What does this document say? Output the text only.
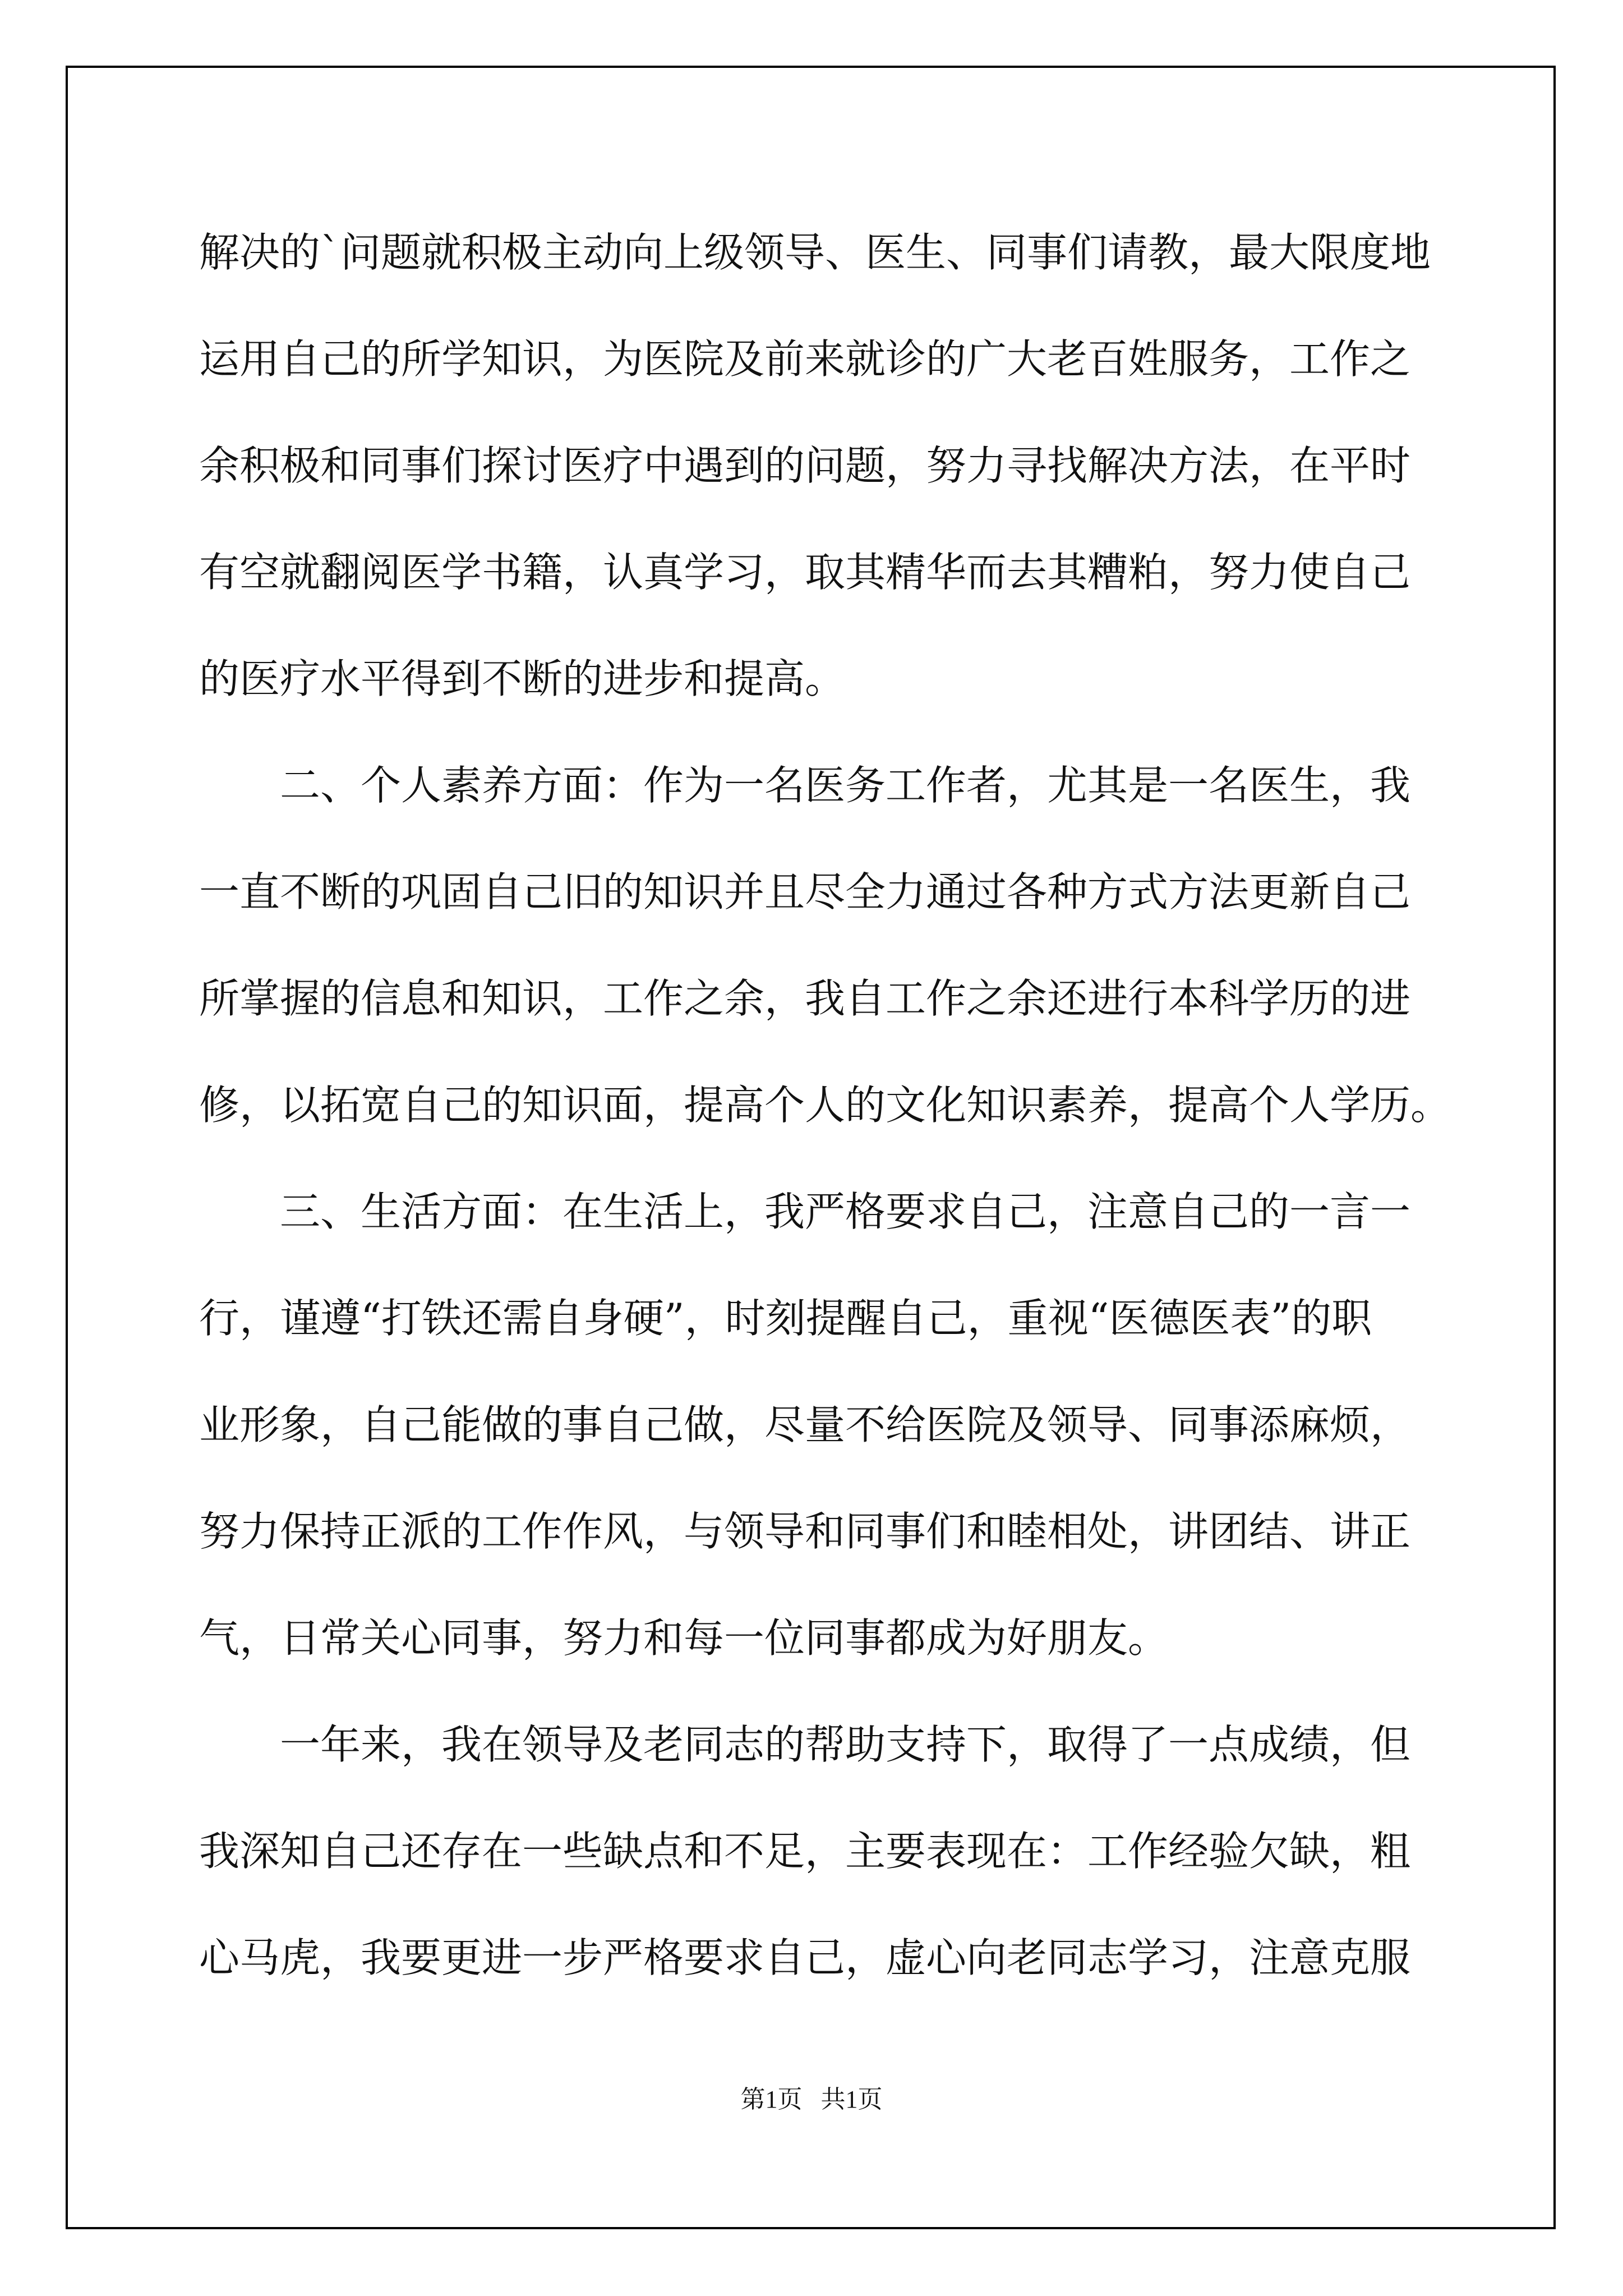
解决的`问题就积极主动向上级领导、医生、同事们请教，最大限度地
运用自己的所学知识，为医院及前来就诊的广大老百姓服务，工作之
余积极和同事们探讨医疗中遇到的问题，努力寻找解决方法，在平时
有空就翻阅医学书籍，认真学习，取其精华而去其糟粕，努力使自己
的医疗水平得到不断的进步和提高。
　　二、个人素养方面：作为一名医务工作者，尤其是一名医生，我
一直不断的巩固自己旧的知识并且尽全力通过各种方式方法更新自己
所掌握的信息和知识，工作之余，我自工作之余还进行本科学历的进
修，以拓宽自己的知识面，提高个人的文化知识素养，提高个人学历。
　　三、生活方面：在生活上，我严格要求自己，注意自己的一言一
行，谨遵“打铁还需自身硬”，时刻提醒自己，重视“医德医表”的职
业形象，自己能做的事自己做，尽量不给医院及领导、同事添麻烦，
努力保持正派的工作作风，与领导和同事们和睦相处，讲团结、讲正
气，日常关心同事，努力和每一位同事都成为好朋友。
　　一年来，我在领导及老同志的帮助支持下，取得了一点成绩，但
我深知自己还存在一些缺点和不足，主要表现在：工作经验欠缺，粗
心马虎，我要更进一步严格要求自己，虚心向老同志学习，注意克服
第1页   共1页
